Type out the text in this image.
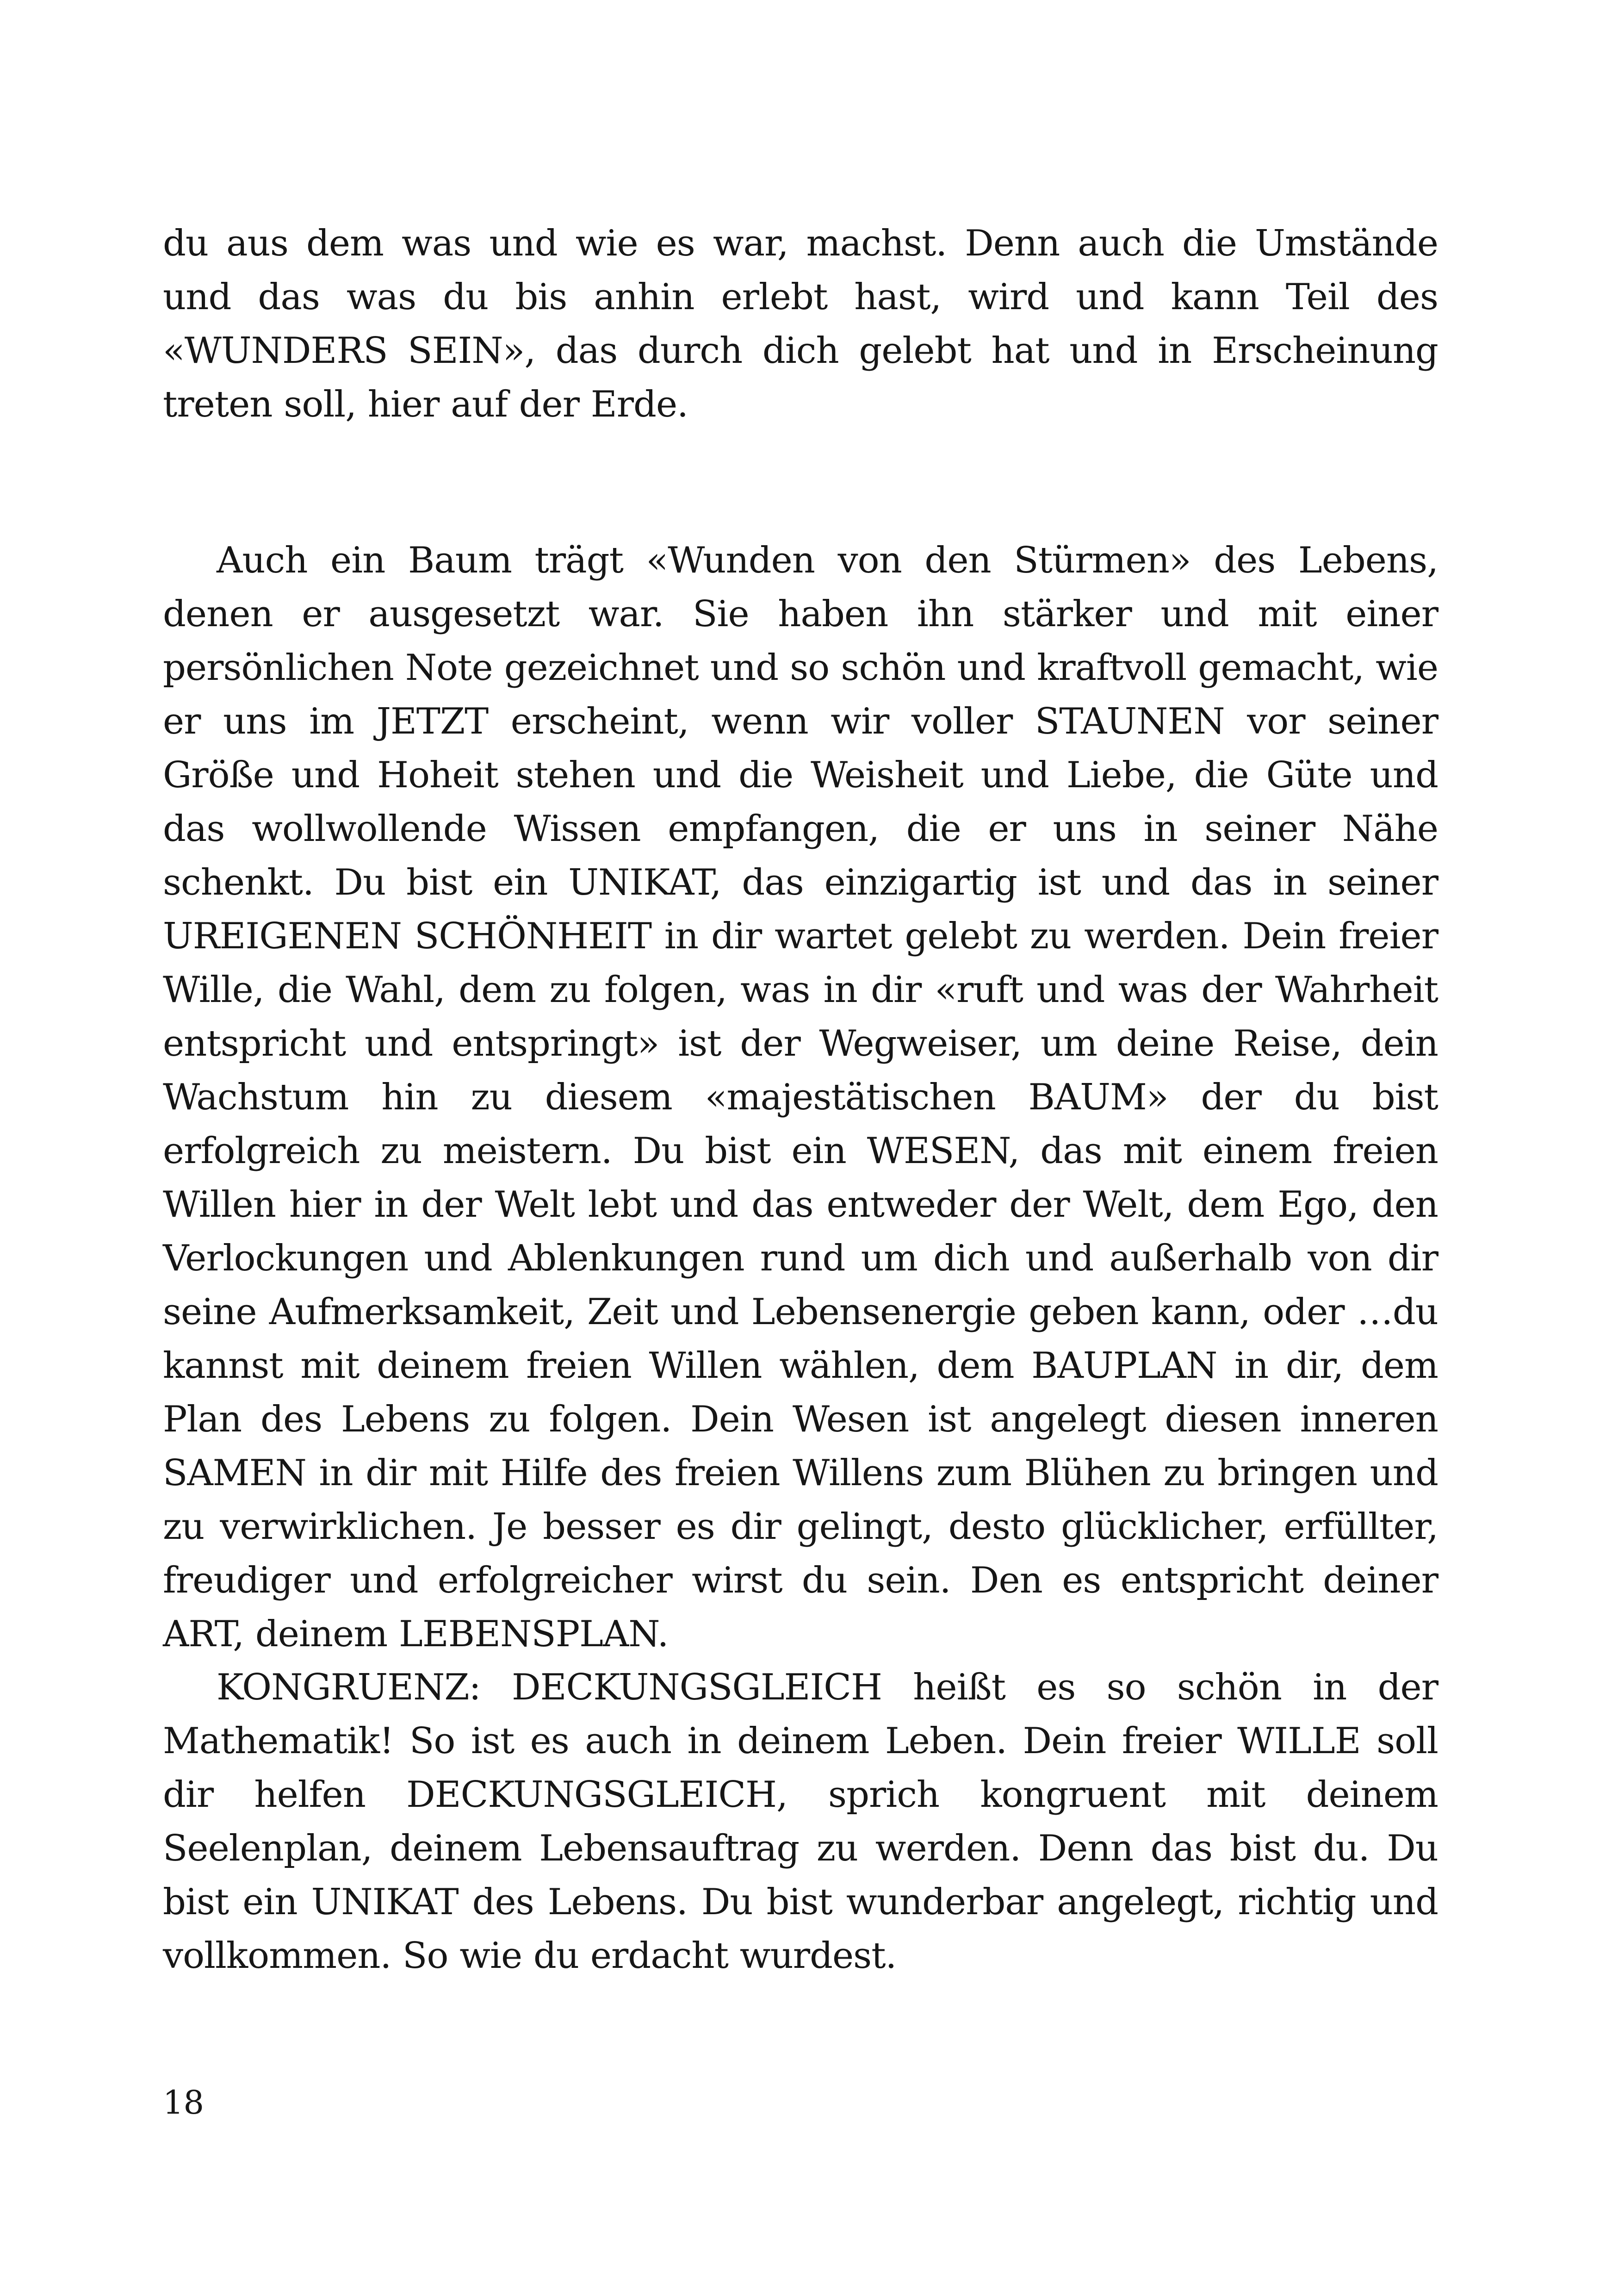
du aus dem was und wie es war, machst. Denn auch die Umstände und das was du bis anhin erlebt hast, wird und kann Teil des «WUNDERS SEIN», das durch dich gelebt hat und in Erscheinung treten soll, hier auf der Erde.

Auch ein Baum trägt «Wunden von den Stürmen» des Lebens, denen er ausgesetzt war. Sie haben ihn stärker und mit einer persönlichen Note gezeichnet und so schön und kraftvoll gemacht, wie er uns im JETZT erscheint, wenn wir voller STAUNEN vor seiner Größe und Hoheit stehen und die Weisheit und Liebe, die Güte und das wollwollende Wissen empfangen, die er uns in seiner Nähe schenkt. Du bist ein UNIKAT, das einzigartig ist und das in seiner UREIGENEN SCHÖNHEIT in dir wartet gelebt zu werden. Dein freier Wille, die Wahl, dem zu folgen, was in dir «ruft und was der Wahrheit entspricht und entspringt» ist der Wegweiser, um deine Reise, dein Wachstum hin zu diesem «majestätischen BAUM» der du bist erfolgreich zu meistern. Du bist ein WESEN, das mit einem freien Willen hier in der Welt lebt und das entweder der Welt, dem Ego, den Verlockungen und Ablenkungen rund um dich und außerhalb von dir seine Aufmerksamkeit, Zeit und Lebensenergie geben kann, oder …du kannst mit deinem freien Willen wählen, dem BAUPLAN in dir, dem Plan des Lebens zu folgen. Dein Wesen ist angelegt diesen inneren SAMEN in dir mit Hilfe des freien Willens zum Blühen zu bringen und zu verwirklichen. Je besser es dir gelingt, desto glücklicher, erfüllter, freudiger und erfolgreicher wirst du sein. Den es entspricht deiner ART, deinem LEBENSPLAN.

KONGRUENZ: DECKUNGSGLEICH heißt es so schön in der Mathematik! So ist es auch in deinem Leben. Dein freier WILLE soll dir helfen DECKUNGSGLEICH, sprich kongruent mit deinem Seelenplan, deinem Lebensauftrag zu werden. Denn das bist du. Du bist ein UNIKAT des Lebens. Du bist wunderbar angelegt, richtig und vollkommen. So wie du erdacht wurdest.

18
